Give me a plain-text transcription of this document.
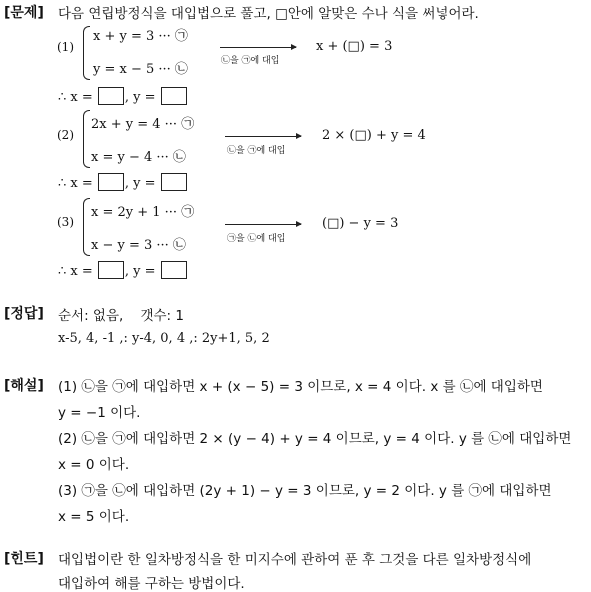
[문제] 다음 연립방정식을 대입법으로 풀고, □안에 알맞은 수나 식을 써넣어라.
(1)
x + y = 3 ··· ㉠
y = x − 5 ··· ㉡
㉡을 ㉠에 대입
x + (□) = 3
∴ x = , y =
(2)
2x + y = 4 ··· ㉠
x = y − 4 ··· ㉡	㉡을 ㉠에 대입
2 × (□) + y = 4
∴ x = , y =
(3)
x = 2y + 1 ··· ㉠
x − y = 3 ··· ㉡	㉠을 ㉡에 대입
(□) − y = 3
∴ x = , y =
[정답] 순서: 없음,    갯수: 1
x-5, 4, -1 ,: y-4, 0, 4 ,: 2y+1, 5, 2
[해설] (1) ㉡을 ㉠에 대입하면 x + (x − 5) = 3 이므로, x = 4 이다. x 를 ㉡에 대입하면
y = −1 이다.
(2) ㉡을 ㉠에 대입하면 2 × (y − 4) + y = 4 이므로, y = 4 이다. y 를 ㉡에 대입하면
x = 0 이다.
(3) ㉠을 ㉡에 대입하면 (2y + 1) − y = 3 이므로, y = 2 이다. y 를 ㉠에 대입하면
x = 5 이다.
[힌트] 대입법이란 한 일차방정식을 한 미지수에 관하여 푼 후 그것을 다른 일차방정식에
대입하여 해를 구하는 방법이다.
